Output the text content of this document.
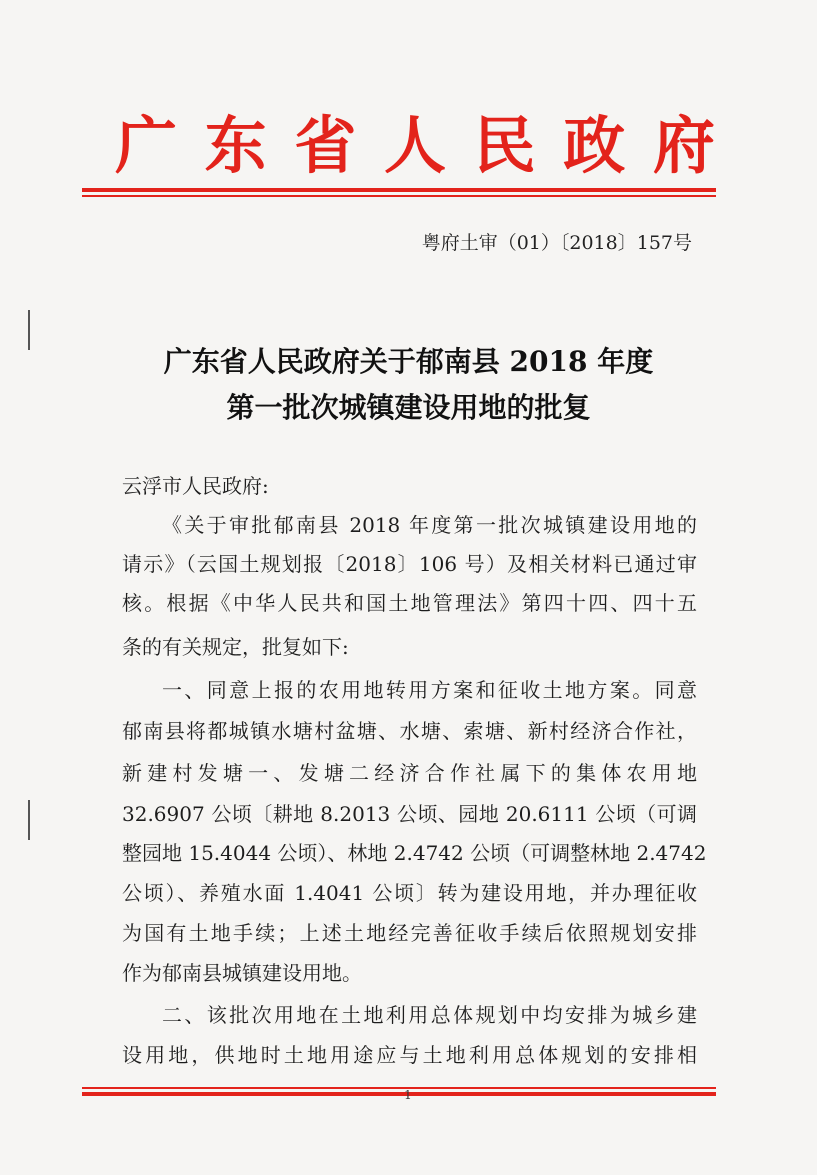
广 东 省 人 民 政 府
粤府土审（01）〔2018〕157号
广东省人民政府关于郁南县 2018 年度
第一批次城镇建设用地的批复
云浮市人民政府:
《关于审批郁南县 2018 年度第一批次城镇建设用地的
请示》（云国土规划报〔2018〕106 号）及相关材料已通过审
核。根据《中华人民共和国土地管理法》第四十四、四十五
条的有关规定，批复如下:
一、同意上报的农用地转用方案和征收土地方案。同意
郁南县将都城镇水塘村盆塘、水塘、索塘、新村经济合作社，
新建村发塘一、发塘二经济合作社属下的集体农用地
32.6907 公顷〔耕地 8.2013 公顷、园地 20.6111 公顷（可调
整园地 15.4044 公顷）、林地 2.4742 公顷（可调整林地 2.4742
公顷）、养殖水面 1.4041 公顷〕转为建设用地，并办理征收
为国有土地手续；上述土地经完善征收手续后依照规划安排
作为郁南县城镇建设用地。
二、该批次用地在土地利用总体规划中均安排为城乡建
设用地，供地时土地用途应与土地利用总体规划的安排相
1
